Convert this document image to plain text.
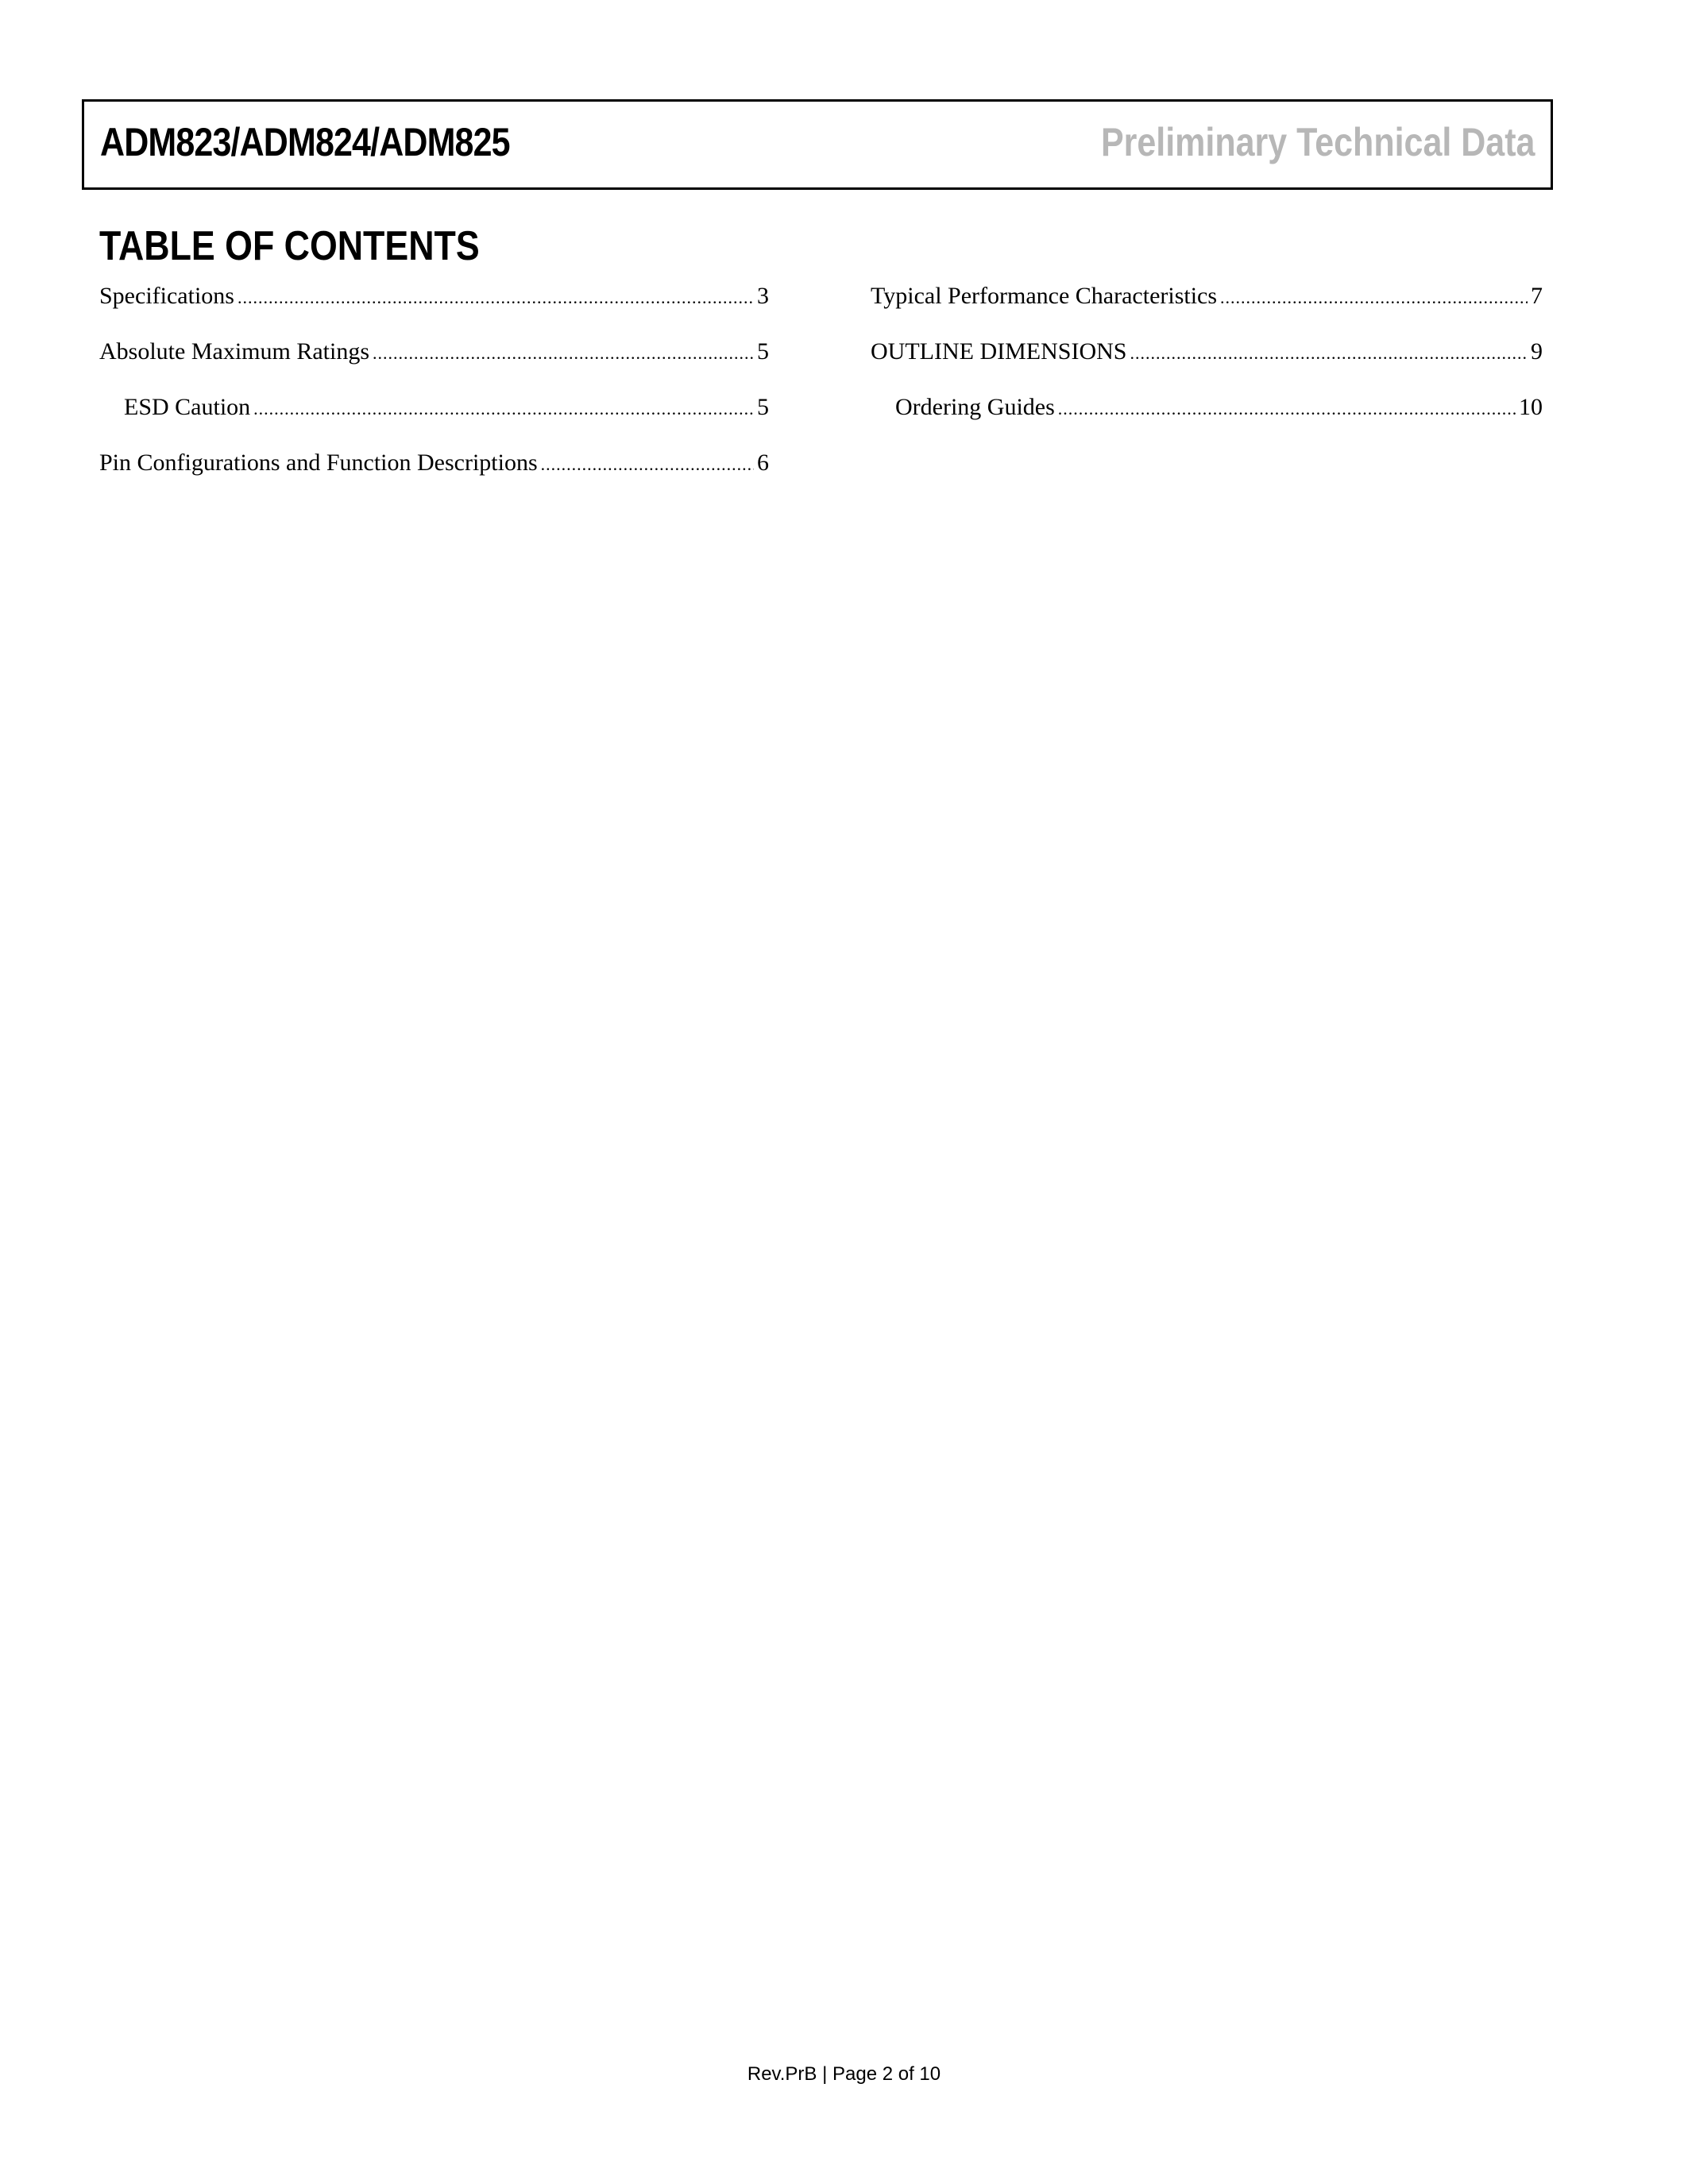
ADM823/ADM824/ADM825	Preliminary Technical Data
TABLE OF CONTENTS
Specifications .....	3
Absolute Maximum Ratings .....	5
ESD Caution .....	5
Pin Configurations and Function Descriptions .....	6
Typical Performance Characteristics .....	7
OUTLINE DIMENSIONS .....	9
Ordering Guides .....	10
Rev.PrB | Page 2 of 10
